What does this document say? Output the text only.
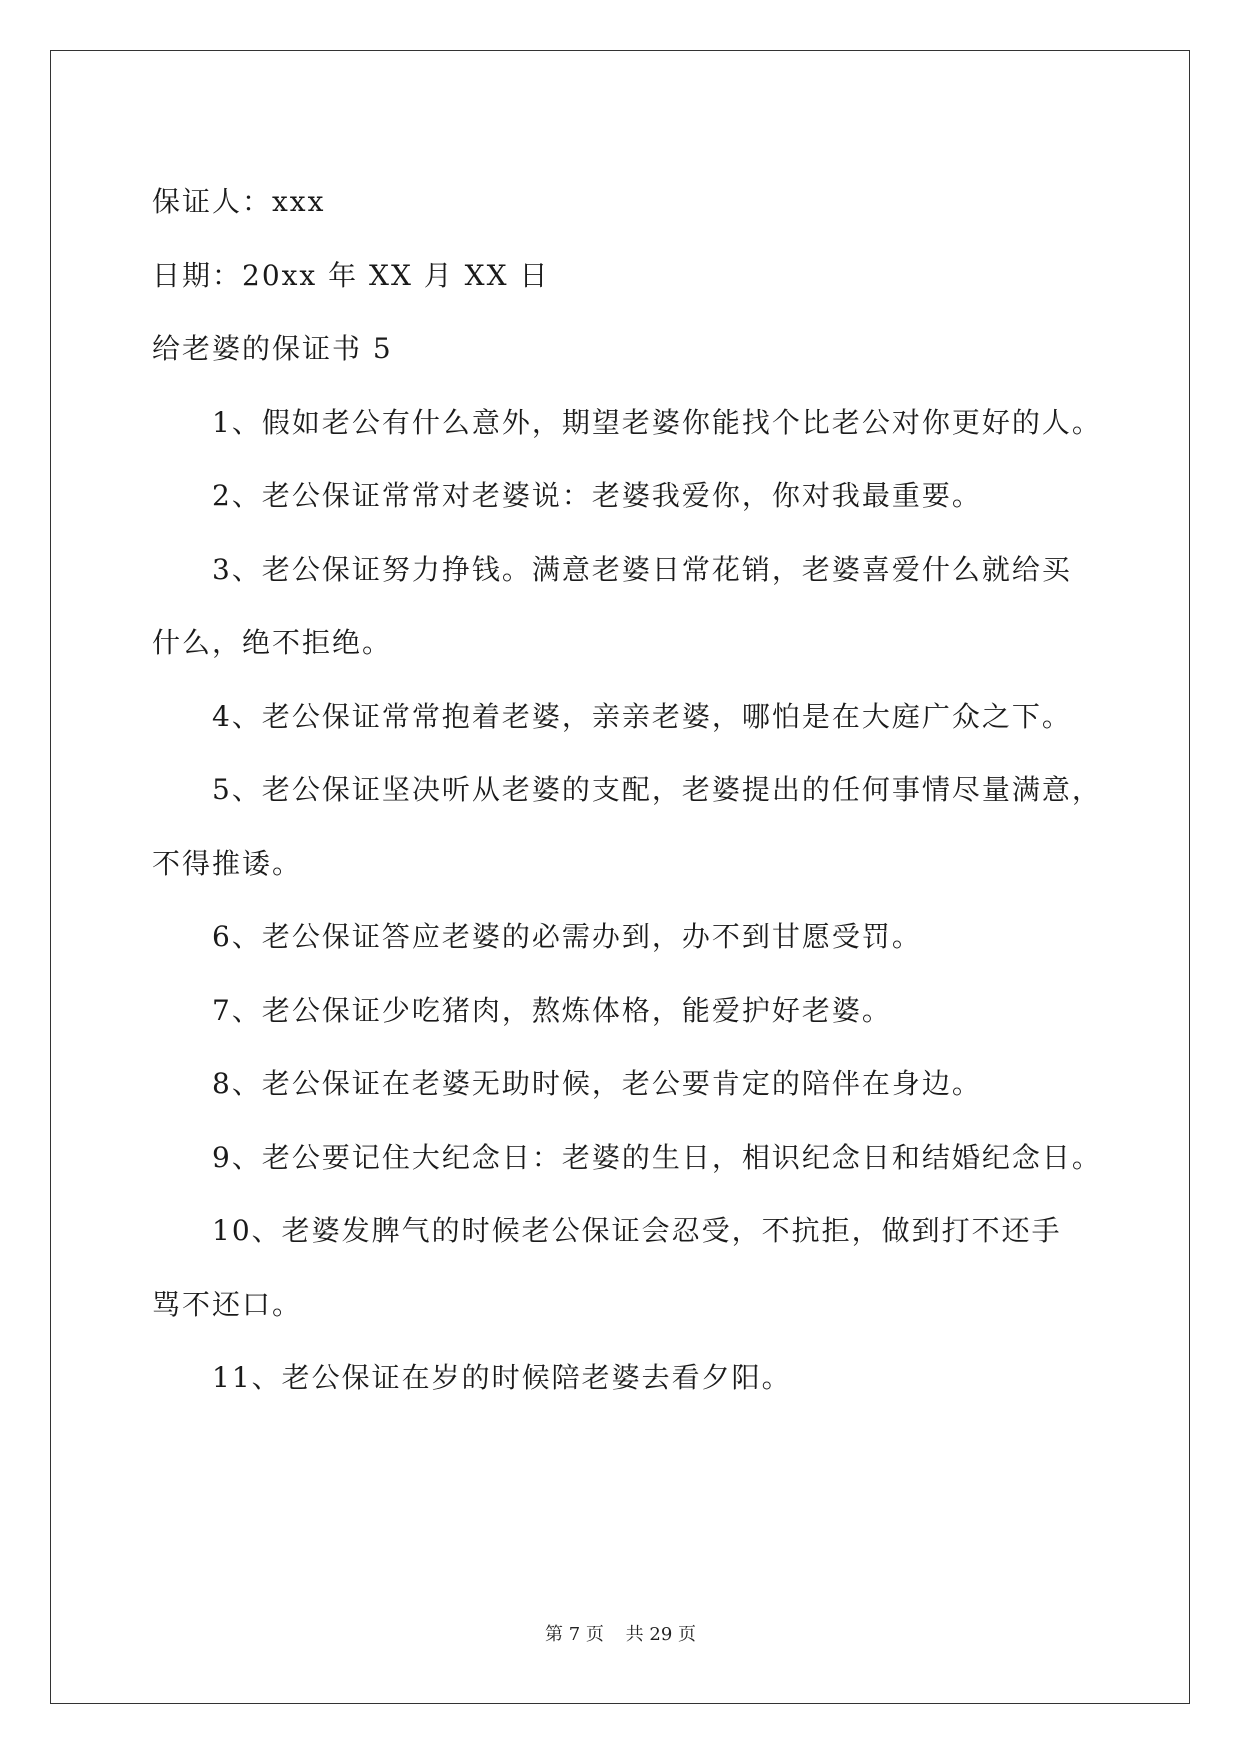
保证人：xxx
日期：20xx 年 XX 月 XX 日
给老婆的保证书 5
1、假如老公有什么意外，期望老婆你能找个比老公对你更好的人。
2、老公保证常常对老婆说：老婆我爱你，你对我最重要。
3、老公保证努力挣钱。满意老婆日常花销，老婆喜爱什么就给买
什么，绝不拒绝。
4、老公保证常常抱着老婆，亲亲老婆，哪怕是在大庭广众之下。
5、老公保证坚决听从老婆的支配，老婆提出的任何事情尽量满意，
不得推诿。
6、老公保证答应老婆的必需办到，办不到甘愿受罚。
7、老公保证少吃猪肉，熬炼体格，能爱护好老婆。
8、老公保证在老婆无助时候，老公要肯定的陪伴在身边。
9、老公要记住大纪念日：老婆的生日，相识纪念日和结婚纪念日。
10、老婆发脾气的时候老公保证会忍受，不抗拒，做到打不还手
骂不还口。
11、老公保证在岁的时候陪老婆去看夕阳。
第 7 页 共 29 页
